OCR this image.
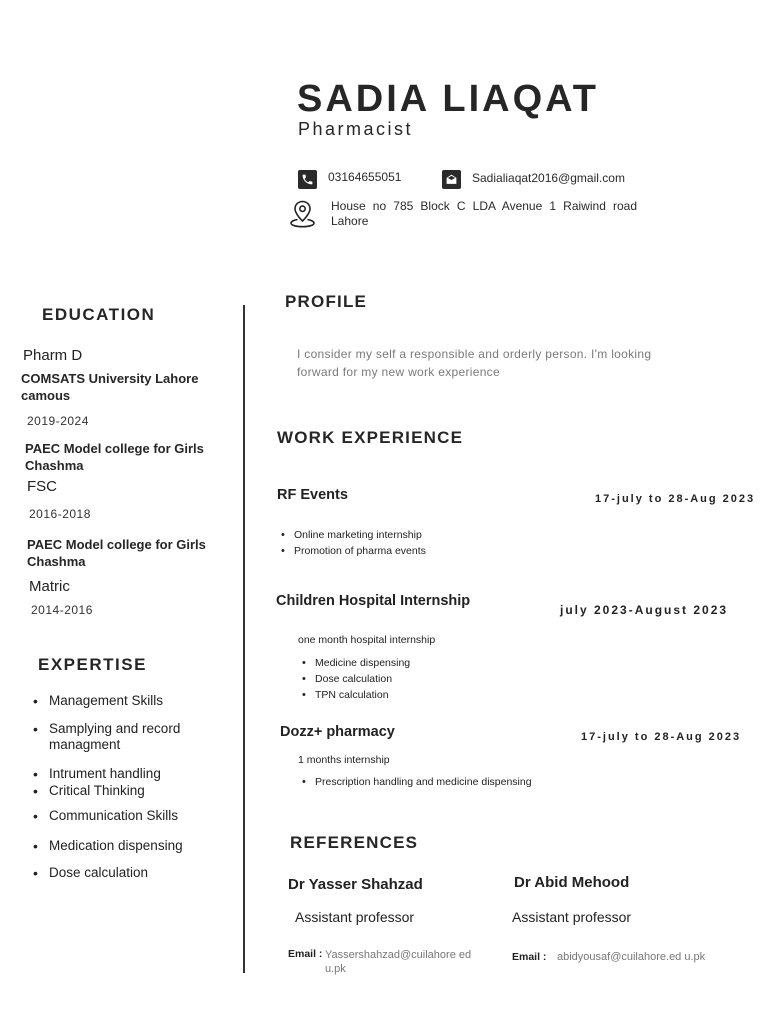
SADIA LIAQAT
Pharmacist
03164655051	Sadialiaqat2016@gmail.com
House no 785 Block C LDA Avenue 1 Raiwind road Lahore
EDUCATION
Pharm D
COMSATS University Lahore camous
2019-2024
PAEC Model college for Girls Chashma
FSC
2016-2018
PAEC Model college for Girls Chashma
Matric
2014-2016
EXPERTISE
• Management Skills
• Samplying and record managment
• Intrument handling
• Critical Thinking
• Communication Skills
• Medication dispensing
• Dose calculation
PROFILE
I consider my self a responsible and orderly person. I'm looking forward for my new work experience
WORK EXPERIENCE
RF Events	17-july to 28-Aug 2023
• Online marketing internship
• Promotion of pharma events
Children Hospital Internship
july 2023-August 2023
one month hospital internship
• Medicine dispensing
• Dose calculation
• TPN calculation
Dozz+ pharmacy	17-july to 28-Aug 2023
1 months internship
• Prescription handling and medicine dispensing
REFERENCES
Dr Yasser Shahzad
Assistant professor
Email : Yassershahzad@cuilahore edu.pk
Dr Abid Mehood
Assistant professor
Email : abidyousaf@cuilahore.ed u.pk
